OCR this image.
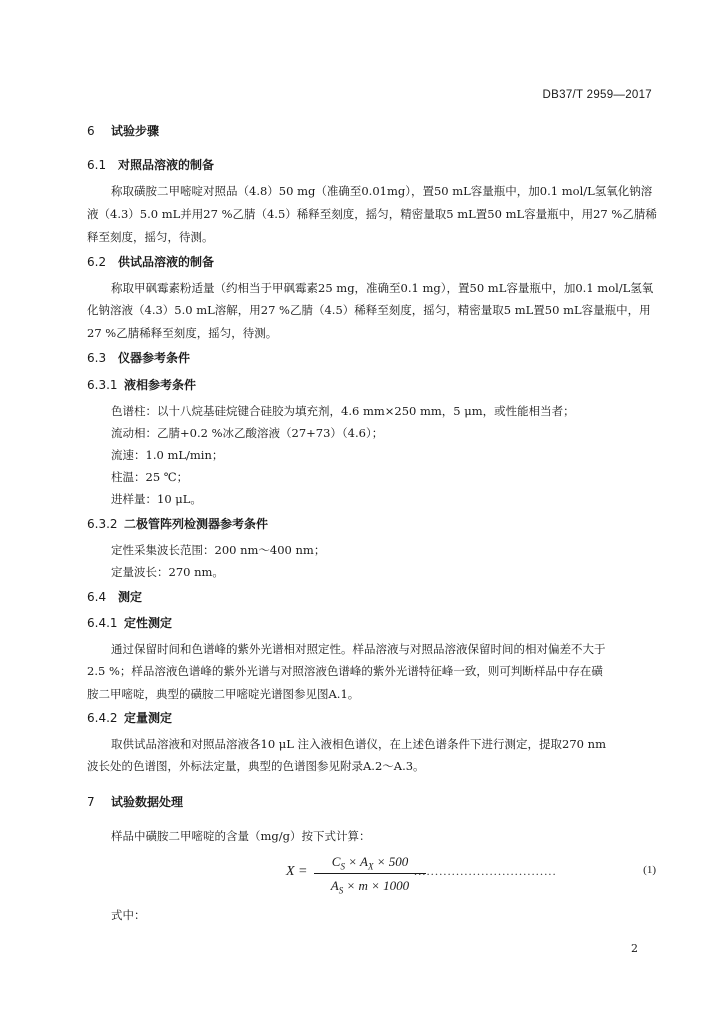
DB37/T 2959—2017
6 试验步骤
6.1 对照品溶液的制备
称取磺胺二甲嘧啶对照品（4.8）50 mg（准确至0.01mg），置50 mL容量瓶中，加0.1 mol/L氢氧化钠溶
液（4.3）5.0 mL并用27 %乙腈（4.5）稀释至刻度，摇匀，精密量取5 mL置50 mL容量瓶中，用27 %乙腈稀
释至刻度，摇匀，待测。
6.2 供试品溶液的制备
称取甲砜霉素粉适量（约相当于甲砜霉素25 mg，准确至0.1 mg），置50 mL容量瓶中，加0.1 mol/L氢氧
化钠溶液（4.3）5.0 mL溶解，用27 %乙腈（4.5）稀释至刻度，摇匀，精密量取5 mL置50 mL容量瓶中，用
27 %乙腈稀释至刻度，摇匀，待测。
6.3 仪器参考条件
6.3.1 液相参考条件
色谱柱：以十八烷基硅烷键合硅胶为填充剂，4.6 mm×250 mm，5 μm，或性能相当者；
流动相：乙腈+0.2 %冰乙酸溶液（27+73）（4.6）；
流速：1.0 mL/min；
柱温：25 ℃；
进样量：10 μL。
6.3.2 二极管阵列检测器参考条件
定性采集波长范围：200 nm～400 nm；
定量波长：270 nm。
6.4 测定
6.4.1 定性测定
通过保留时间和色谱峰的紫外光谱相对照定性。样品溶液与对照品溶液保留时间的相对偏差不大于
2.5 %；样品溶液色谱峰的紫外光谱与对照溶液色谱峰的紫外光谱特征峰一致，则可判断样品中存在磺
胺二甲嘧啶，典型的磺胺二甲嘧啶光谱图参见图A.1。
6.4.2 定量测定
取供试品溶液和对照品溶液各10 μL 注入液相色谱仪，在上述色谱条件下进行测定，提取270 nm
波长处的色谱图，外标法定量，典型的色谱图参见附录A.2～A.3。
7 试验数据处理
样品中磺胺二甲嘧啶的含量（mg/g）按下式计算：
X =
$C_S \times A_X \times 500$
$A_S \times m \times 1000$
..................................	(1)
式中：
2
